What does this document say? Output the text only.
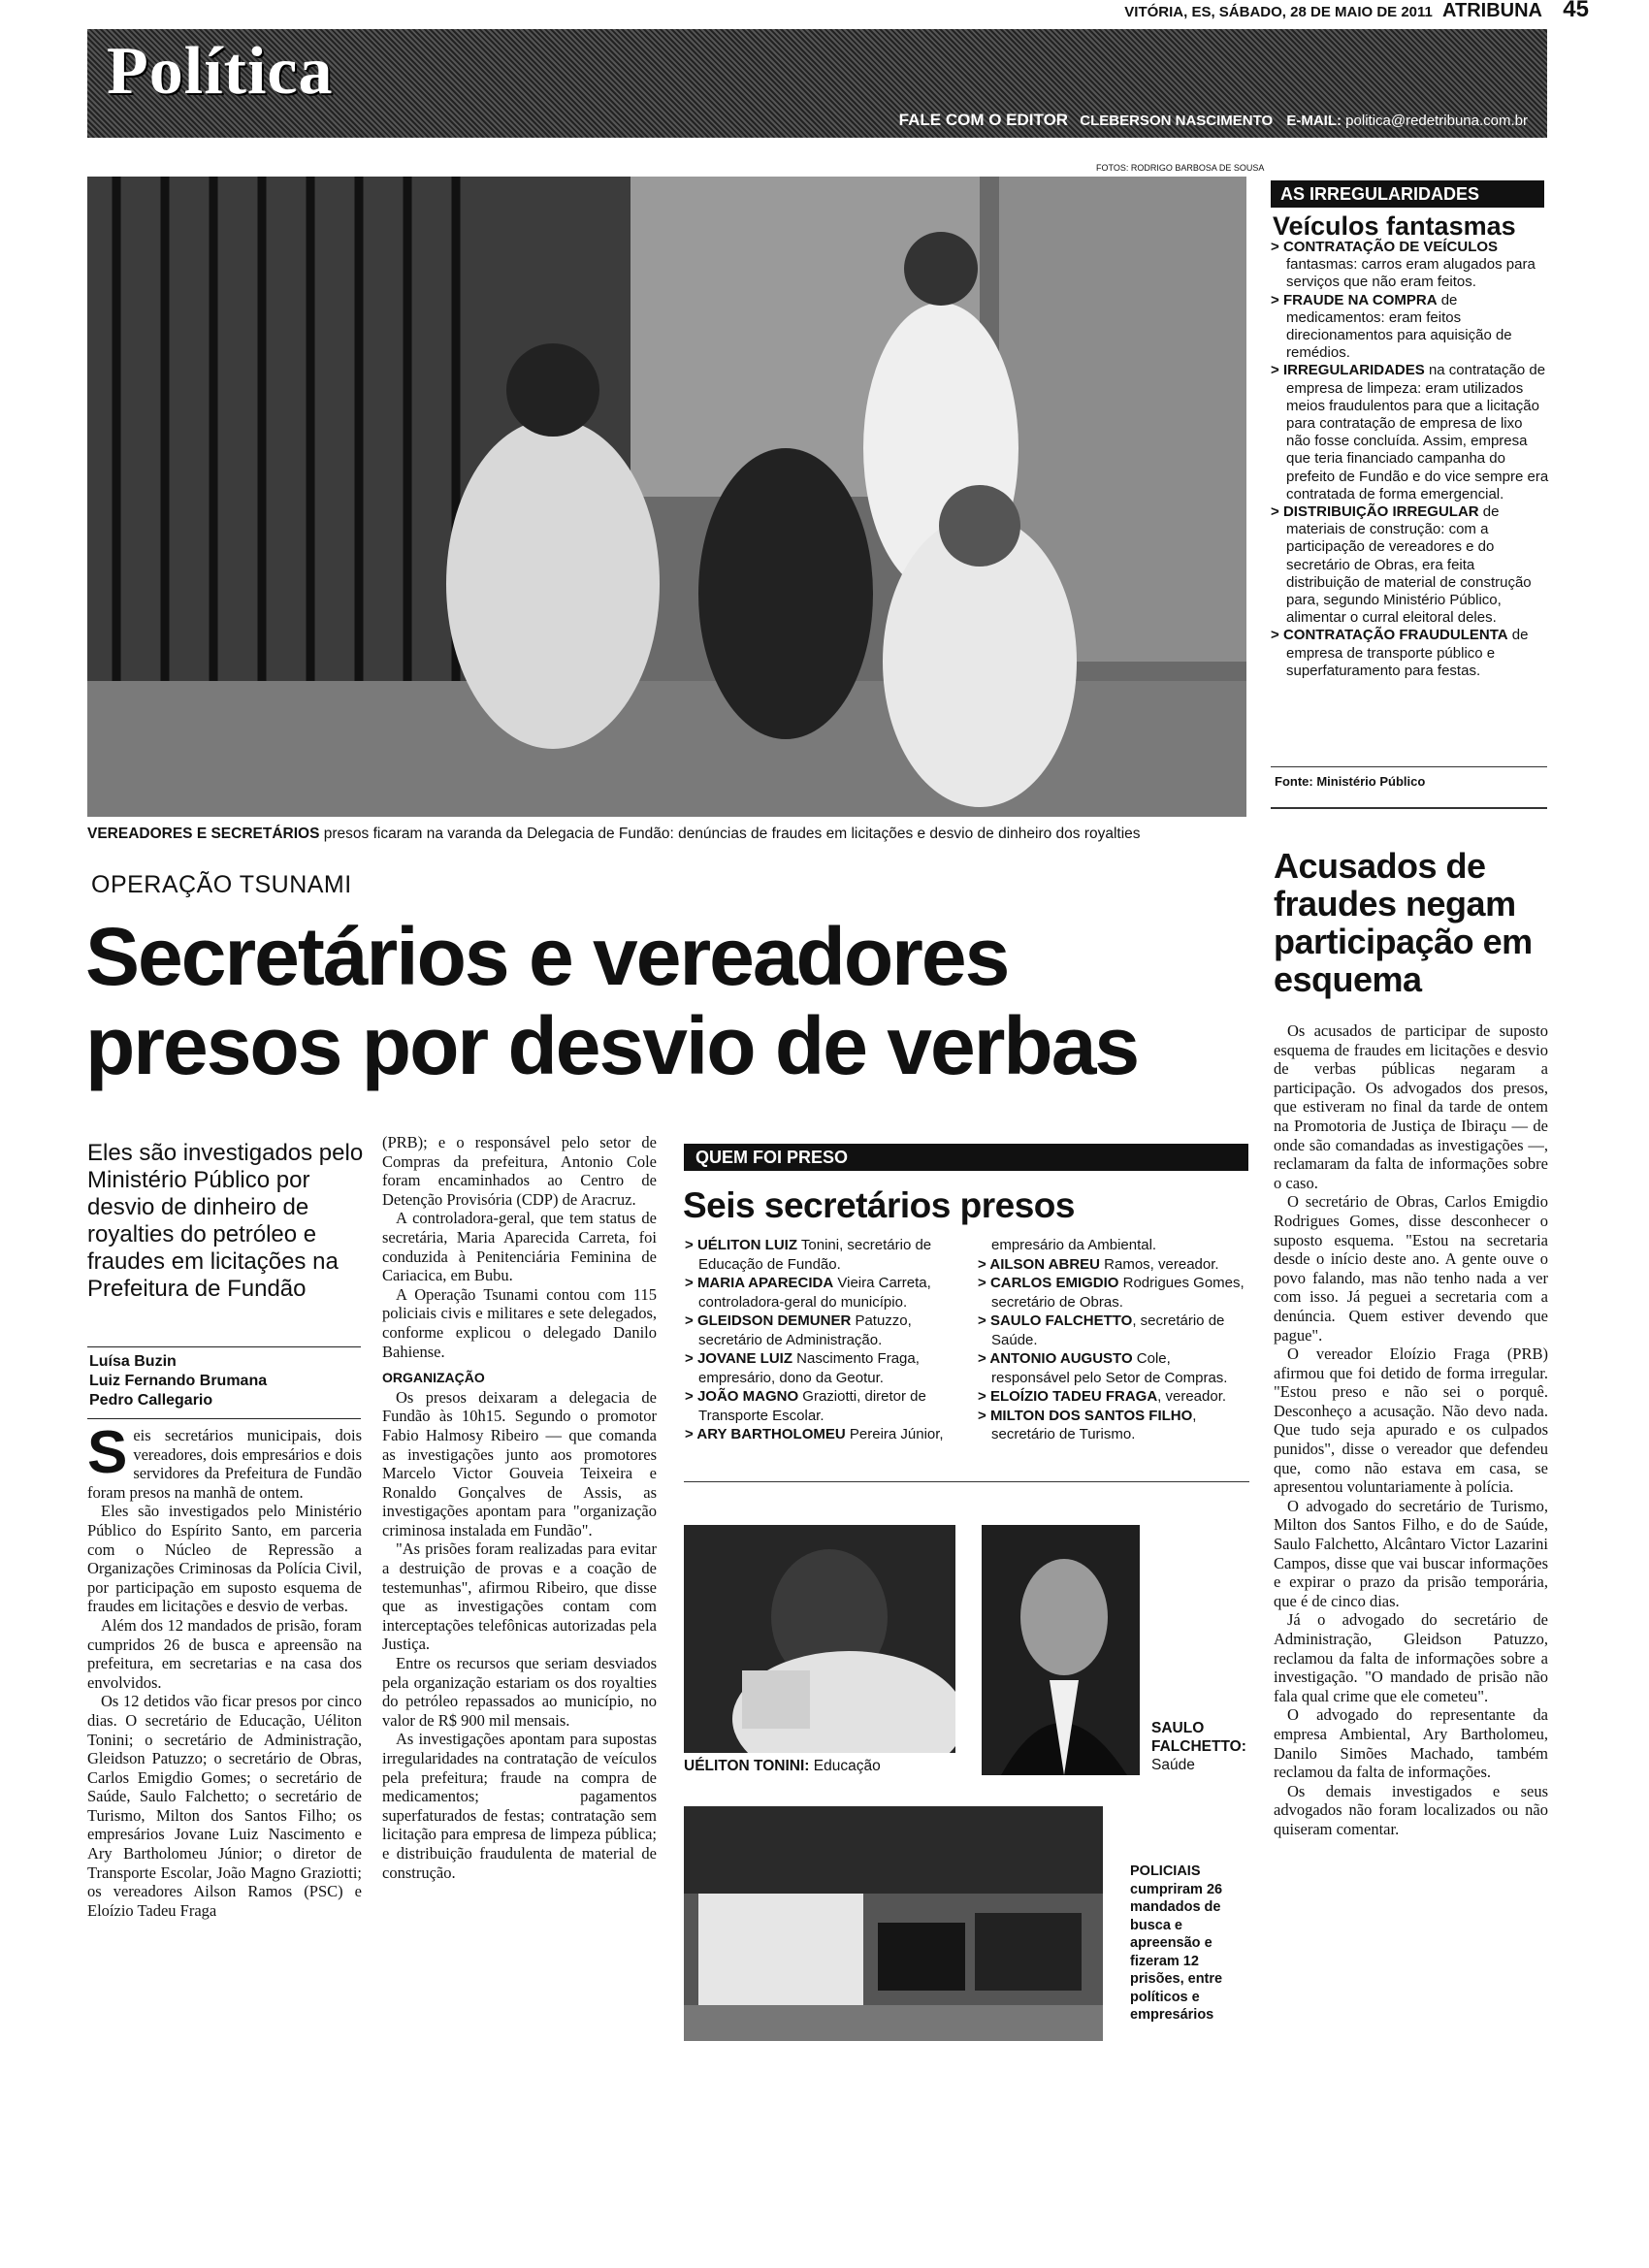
VITÓRIA, ES, SÁBADO, 28 DE MAIO DE 2011 ATRIBUNA 45
Política
FALE COM O EDITOR CLEBERSON NASCIMENTO E-MAIL: politica@redetribuna.com.br
FOTOS: RODRIGO BARBOSA DE SOUSA
VEREADORES E SECRETÁRIOS presos ficaram na varanda da Delegacia de Fundão: denúncias de fraudes em licitações e desvio de dinheiro dos royalties
AS IRREGULARIDADES
Veículos fantasmas
> CONTRATAÇÃO DE VEÍCULOS fantasmas: carros eram alugados para serviços que não eram feitos.
> FRAUDE NA COMPRA de medicamentos: eram feitos direcionamentos para aquisição de remédios.
> IRREGULARIDADES na contratação de empresa de limpeza: eram utilizados meios fraudulentos para que a licitação para contratação de empresa de lixo não fosse concluída. Assim, empresa que teria financiado campanha do prefeito de Fundão e do vice sempre era contratada de forma emergencial.
> DISTRIBUIÇÃO IRREGULAR de materiais de construção: com a participação de vereadores e do secretário de Obras, era feita distribuição de material de construção para, segundo Ministério Público, alimentar o curral eleitoral deles.
> CONTRATAÇÃO FRAUDULENTA de empresa de transporte público e superfaturamento para festas.
Fonte: Ministério Público
OPERAÇÃO TSUNAMI
Secretários e vereadores
presos por desvio de verbas
Eles são investigados pelo Ministério Público por desvio de dinheiro de royalties do petróleo e fraudes em licitações na Prefeitura de Fundão
Luísa Buzin
Luiz Fernando Brumana
Pedro Callegario

Seis secretários municipais, dois vereadores, dois empresários e dois servidores da Prefeitura de Fundão foram presos na manhã de ontem.

Eles são investigados pelo Ministério Público do Espírito Santo, em parceria com o Núcleo de Repressão a Organizações Criminosas da Polícia Civil, por participação em suposto esquema de fraudes em licitações e desvio de verbas.

Além dos 12 mandados de prisão, foram cumpridos 26 de busca e apreensão na prefeitura, em secretarias e na casa dos envolvidos.

Os 12 detidos vão ficar presos por cinco dias. O secretário de Educação, Uéliton Tonini; o secretário de Administração, Gleidson Patuzzo; o secretário de Obras, Carlos Emigdio Gomes; o secretário de Saúde, Saulo Falchetto; o secretário de Turismo, Milton dos Santos Filho; os empresários Jovane Luiz Nascimento e Ary Bartholomeu Júnior; o diretor de Transporte Escolar, João Magno Graziotti; os vereadores Ailson Ramos (PSC) e Eloízio Tadeu Fraga

(PRB); e o responsável pelo setor de Compras da prefeitura, Antonio Cole foram encaminhados ao Centro de Detenção Provisória (CDP) de Aracruz.

A controladora-geral, que tem status de secretária, Maria Aparecida Carreta, foi conduzida à Penitenciária Feminina de Cariacica, em Bubu.

A Operação Tsunami contou com 115 policiais civis e militares e sete delegados, conforme explicou o delegado Danilo Bahiense.

ORGANIZAÇÃO

Os presos deixaram a delegacia de Fundão às 10h15. Segundo o promotor Fabio Halmosy Ribeiro — que comanda as investigações junto aos promotores Marcelo Victor Gouveia Teixeira e Ronaldo Gonçalves de Assis, as investigações apontam para "organização criminosa instalada em Fundão".

"As prisões foram realizadas para evitar a destruição de provas e a coação de testemunhas", afirmou Ribeiro, que disse que as investigações contam com interceptações telefônicas autorizadas pela Justiça.

Entre os recursos que seriam desviados pela organização estariam os dos royalties do petróleo repassados ao município, no valor de R$ 900 mil mensais.

As investigações apontam para supostas irregularidades na contratação de veículos pela prefeitura; fraude na compra de medicamentos; pagamentos superfaturados de festas; contratação sem licitação para empresa de limpeza pública; e distribuição fraudulenta de material de construção.

QUEM FOI PRESO
Seis secretários presos
> UÉLITON LUIZ Tonini, secretário de Educação de Fundão.
> MARIA APARECIDA Vieira Carreta, controladora-geral do município.
> GLEIDSON DEMUNER Patuzzo, secretário de Administração.
> JOVANE LUIZ Nascimento Fraga, empresário, dono da Geotur.
> JOÃO MAGNO Graziotti, diretor de Transporte Escolar.
> ARY BARTHOLOMEU Pereira Júnior,
empresário da Ambiental.
> AILSON ABREU Ramos, vereador.
> CARLOS EMIGDIO Rodrigues Gomes, secretário de Obras.
> SAULO FALCHETTO, secretário de Saúde.
> ANTONIO AUGUSTO Cole, responsável pelo Setor de Compras.
> ELOÍZIO TADEU FRAGA, vereador.
> MILTON DOS SANTOS FILHO, secretário de Turismo.
UÉLITON TONINI: Educação
SAULO FALCHETTO:
Saúde
POLICIAIS
cumpriram 26 mandados de busca e apreensão e fizeram 12 prisões, entre políticos e empresários
Acusados de fraudes negam participação em esquema

Os acusados de participar de suposto esquema de fraudes em licitações e desvio de verbas públicas negaram a participação. Os advogados dos presos, que estiveram no final da tarde de ontem na Promotoria de Justiça de Ibiraçu — de onde são comandadas as investigações —, reclamaram da falta de informações sobre o caso.

O secretário de Obras, Carlos Emigdio Rodrigues Gomes, disse desconhecer o suposto esquema. "Estou na secretaria desde o início deste ano. A gente ouve o povo falando, mas não tenho nada a ver com isso. Já peguei a secretaria com a denúncia. Quem estiver devendo que pague".

O vereador Eloízio Fraga (PRB) afirmou que foi detido de forma irregular. "Estou preso e não sei o porquê. Desconheço a acusação. Não devo nada. Que tudo seja apurado e os culpados punidos", disse o vereador que defendeu que, como não estava em casa, se apresentou voluntariamente à polícia.

O advogado do secretário de Turismo, Milton dos Santos Filho, e do de Saúde, Saulo Falchetto, Alcântaro Victor Lazarini Campos, disse que vai buscar informações e expirar o prazo da prisão temporária, que é de cinco dias.

Já o advogado do secretário de Administração, Gleidson Patuzzo, reclamou da falta de informações sobre a investigação. "O mandado de prisão não fala qual crime que ele cometeu".

O advogado do representante da empresa Ambiental, Ary Bartholomeu, Danilo Simões Machado, também reclamou da falta de informações.

Os demais investigados e seus advogados não foram localizados ou não quiseram comentar.
